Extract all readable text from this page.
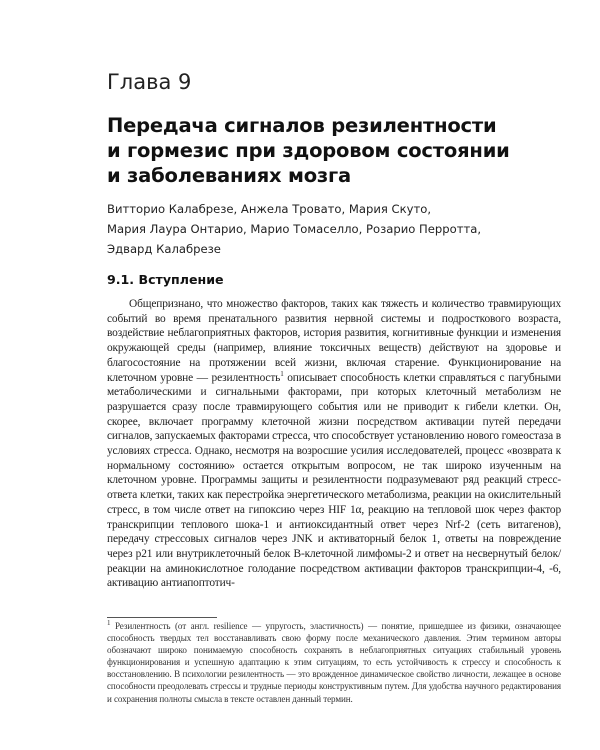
Глава 9
Передача сигналов резилентности
и гормезис при здоровом состоянии
и заболеваниях мозга

Витторио Калабрезе, Анжела Тровато, Мария Скуто,
Мария Лаура Онтарио, Марио Томаселло, Розарио Перротта,
Эдвард Калабрезе

9.1. Вступление

Общепризнано, что множество факторов, таких как тяжесть и количество травмирующих событий во время пренатального развития нервной системы и подросткового возраста, воздействие неблагоприятных факторов, история развития, когнитивные функции и изменения окружающей среды (например, влияние токсичных веществ) действуют на здоровье и благосостояние на протяжении всей жизни, включая старение. Функционирование на клеточном уровне — резилентность$^1$ описывает способность клетки справляться с пагубными метаболическими и сигнальными факторами, при которых клеточный метаболизм не разрушается сразу после травмирующего события или не приводит к гибели клетки. Он, скорее, включает программу клеточной жизни посредством активации путей передачи сигналов, запускаемых факторами стресса, что способствует установлению нового гомеостаза в условиях стресса. Однако, несмотря на возросшие усилия исследователей, процесс «возврата к нормальному состоянию» остается открытым вопросом, не так широко изученным на клеточном уровне. Программы защиты и резилентности подразумевают ряд реакций стресс-ответа клетки, таких как перестройка энергетического метаболизма, реакции на окислительный стресс, в том числе ответ на гипоксию через HIF 1α, реакцию на тепловой шок через фактор транскрипции теплового шока-1 и антиоксидантный ответ через Nrf-2 (сеть витагенов), передачу стрессовых сигналов через JNK и активаторный белок 1, ответы на повреждение через p21 или внутриклеточный белок В-клеточной лимфомы-2 и ответ на несвернутый белок/реакции на аминокислотное голодание посредством активации факторов транскрипции-4, -6, активацию антиапоптотич-

$^1$ Резилентность (от англ. resilience — упругость, эластичность) — понятие, пришедшее из физики, означающее способность твердых тел восстанавливать свою форму после механического давления. Этим термином авторы обозначают широко понимаемую способность сохранять в неблагоприятных ситуациях стабильный уровень функционирования и успешную адаптацию к этим ситуациям, то есть устойчивость к стрессу и способность к восстановлению. В психологии резилентность — это врожденное динамическое свойство личности, лежащее в основе способности преодолевать стрессы и трудные периоды конструктивным путем. Для удобства научного редактирования и сохранения полноты смысла в тексте оставлен данный термин.
